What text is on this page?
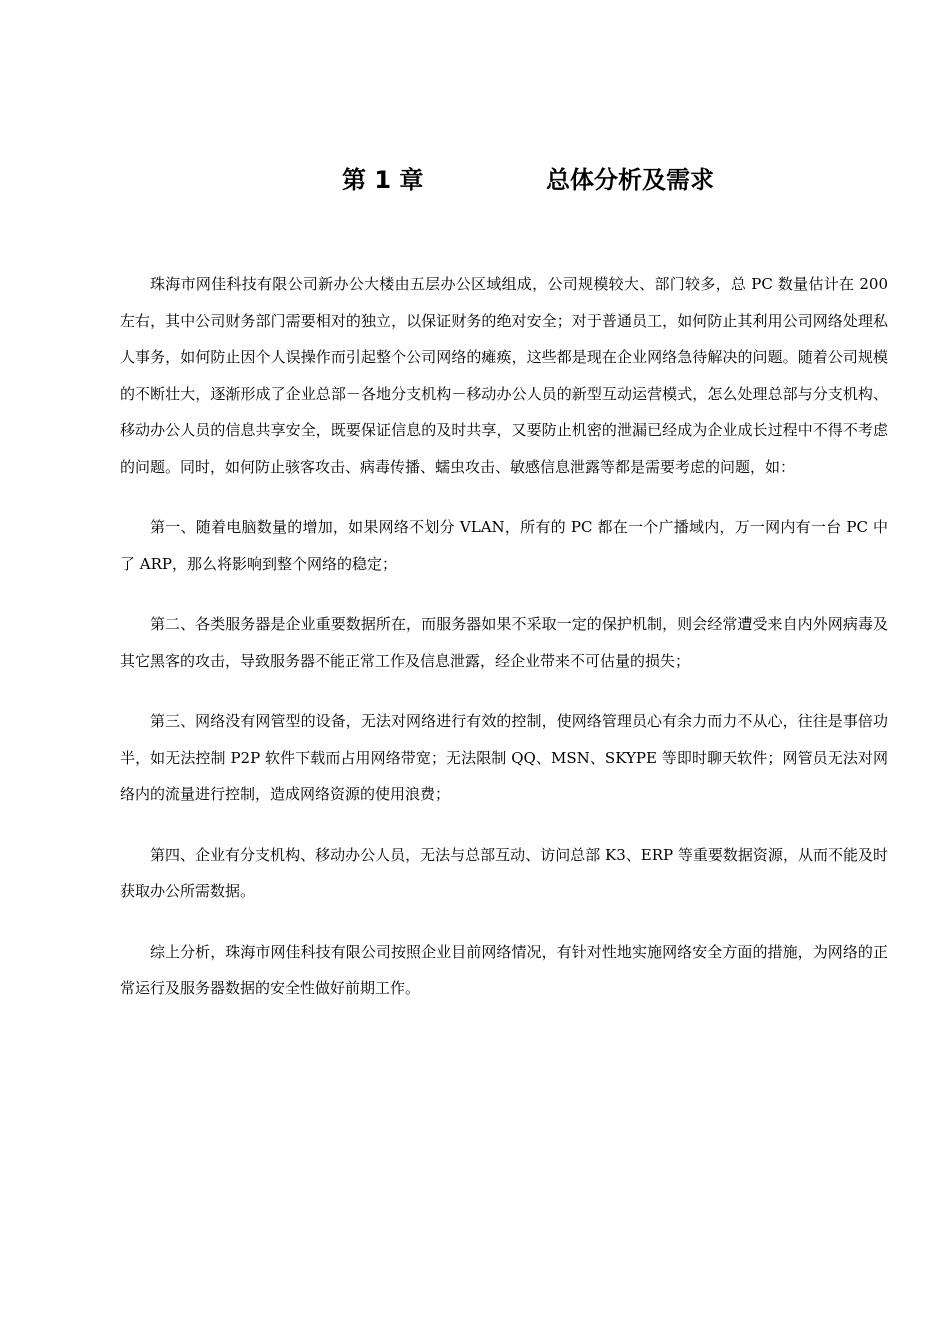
第 1 章	总体分析及需求

珠海市网佳科技有限公司新办公大楼由五层办公区域组成，公司规模较大、部门较多，总 PC 数量估计在 200 左右，其中公司财务部门需要相对的独立，以保证财务的绝对安全；对于普通员工，如何防止其利用公司网络处理私人事务，如何防止因个人误操作而引起整个公司网络的瘫痪，这些都是现在企业网络急待解决的问题。随着公司规模的不断壮大，逐渐形成了企业总部－各地分支机构－移动办公人员的新型互动运营模式，怎么处理总部与分支机构、移动办公人员的信息共享安全，既要保证信息的及时共享，又要防止机密的泄漏已经成为企业成长过程中不得不考虑的问题。同时，如何防止骇客攻击、病毒传播、蠕虫攻击、敏感信息泄露等都是需要考虑的问题，如：

第一、随着电脑数量的增加，如果网络不划分 VLAN，所有的 PC 都在一个广播域内，万一网内有一台 PC 中了 ARP，那么将影响到整个网络的稳定；

第二、各类服务器是企业重要数据所在，而服务器如果不采取一定的保护机制，则会经常遭受来自内外网病毒及其它黑客的攻击，导致服务器不能正常工作及信息泄露，经企业带来不可估量的损失；

第三、网络没有网管型的设备，无法对网络进行有效的控制，使网络管理员心有余力而力不从心，往往是事倍功半，如无法控制 P2P 软件下载而占用网络带宽；无法限制 QQ、MSN、SKYPE 等即时聊天软件；网管员无法对网络内的流量进行控制，造成网络资源的使用浪费；

第四、企业有分支机构、移动办公人员，无法与总部互动、访问总部 K3、ERP 等重要数据资源，从而不能及时获取办公所需数据。

综上分析，珠海市网佳科技有限公司按照企业目前网络情况，有针对性地实施网络安全方面的措施，为网络的正常运行及服务器数据的安全性做好前期工作。
